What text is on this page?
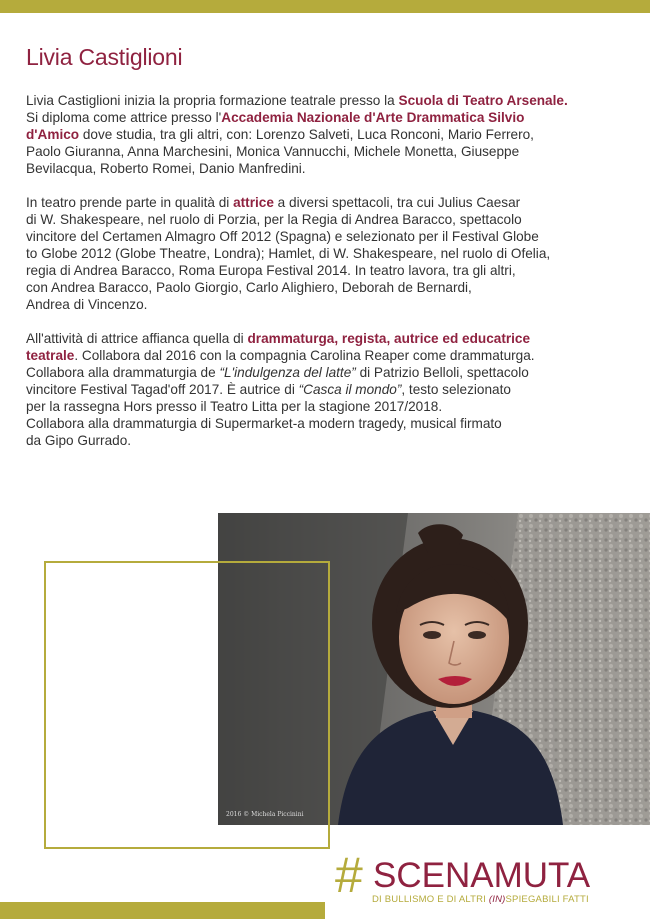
Livia Castiglioni

Livia Castiglioni inizia la propria formazione teatrale presso la Scuola di Teatro Arsenale.
Si diploma come attrice presso l'Accademia Nazionale d'Arte Drammatica Silvio
d'Amico dove studia, tra gli altri, con: Lorenzo Salveti, Luca Ronconi, Mario Ferrero,
Paolo Giuranna, Anna Marchesini, Monica Vannucchi, Michele Monetta, Giuseppe
Bevilacqua, Roberto Romei, Danio Manfredini.

In teatro prende parte in qualità di attrice a diversi spettacoli, tra cui Julius Caesar
di W. Shakespeare, nel ruolo di Porzia, per la Regia di Andrea Baracco, spettacolo
vincitore del Certamen Almagro Off 2012 (Spagna) e selezionato per il Festival Globe
to Globe 2012 (Globe Theatre, Londra); Hamlet, di W. Shakespeare, nel ruolo di Ofelia,
regia di Andrea Baracco, Roma Europa Festival 2014. In teatro lavora, tra gli altri,
con Andrea Baracco, Paolo Giorgio, Carlo Alighiero, Deborah de Bernardi,
Andrea di Vincenzo.

All'attività di attrice affianca quella di drammaturga, regista, autrice ed educatrice
teatrale. Collabora dal 2016 con la compagnia Carolina Reaper come drammaturga.
Collabora alla drammaturgia de “L'indulgenza del latte” di Patrizio Belloli, spettacolo
vincitore Festival Tagad'off 2017. È autrice di “Casca il mondo”, testo selezionato
per la rassegna Hors presso il Teatro Litta per la stagione 2017/2018.
Collabora alla drammaturgia di Supermarket-a modern tragedy, musical firmato
da Gipo Gurrado.

2016 © Michela Piccinini
# SCENAMUTA
DI BULLISMO E DI ALTRI (IN)SPIEGABILI FATTI
